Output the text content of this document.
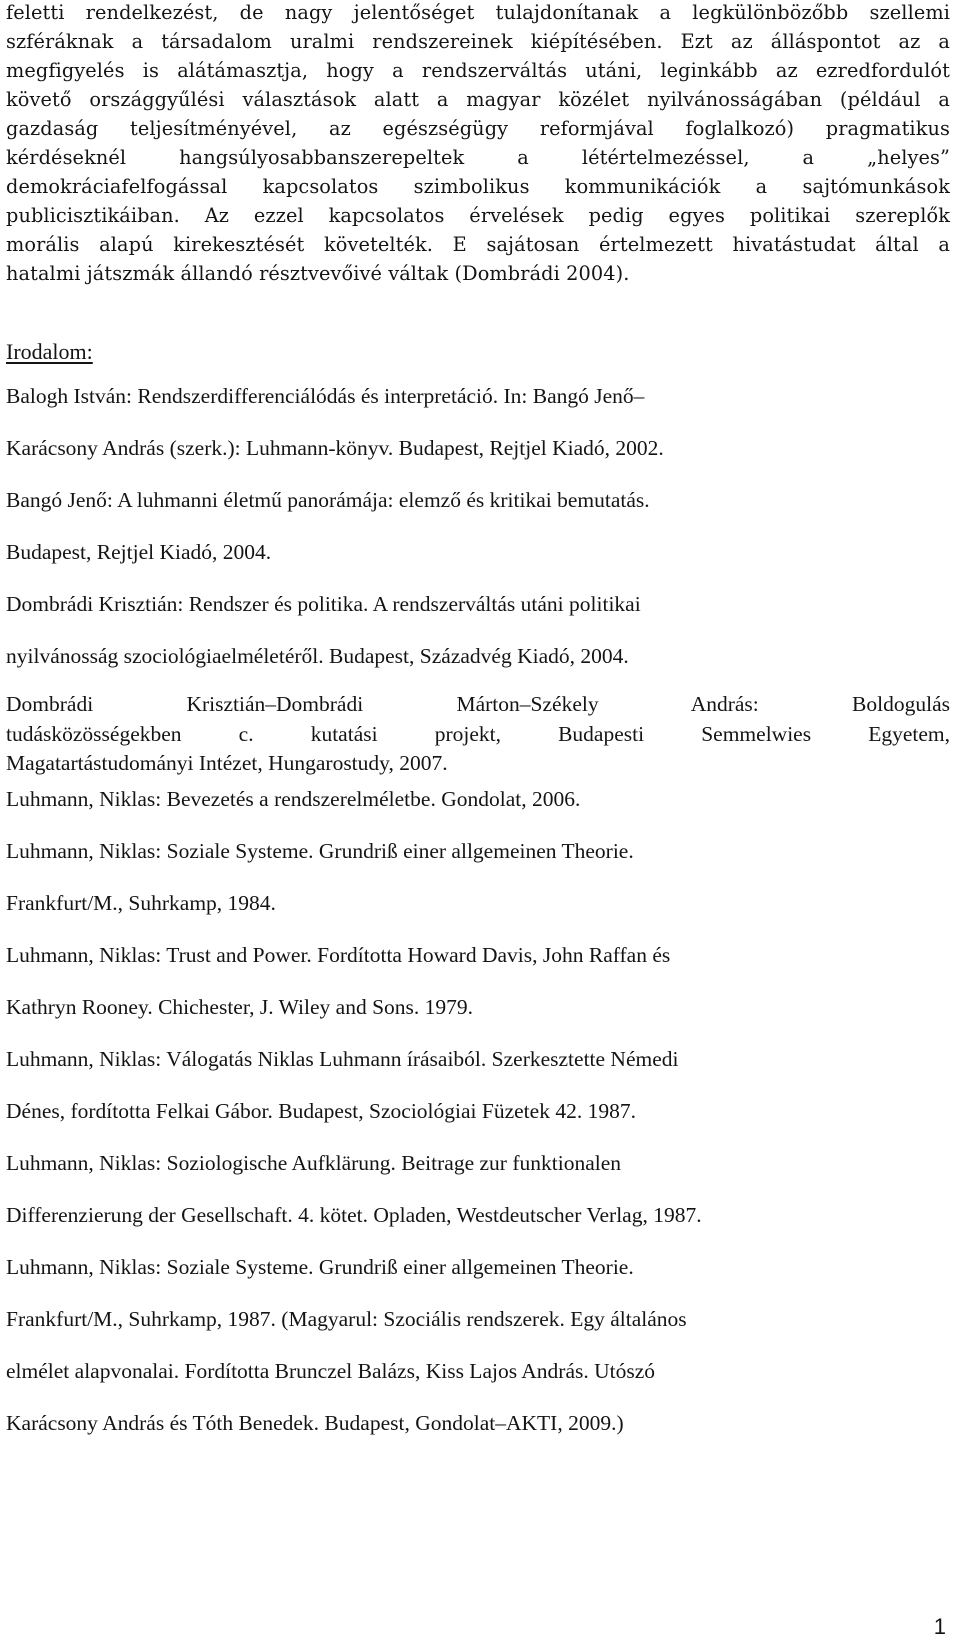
feletti rendelkezést, de nagy jelentőséget tulajdonítanak a legkülönbözőbb szellemi
szféráknak a társadalom uralmi rendszereinek kiépítésében. Ezt az álláspontot az a
megfigyelés is alátámasztja, hogy a rendszerváltás utáni, leginkább az ezredfordulót
követő országgyűlési választások alatt a magyar közélet nyilvánosságában (például a
gazdaság teljesítményével, az egészségügy reformjával foglalkozó) pragmatikus
kérdéseknél hangsúlyosabbanszerepeltek a létértelmezéssel, a „helyes”
demokráciafelfogással kapcsolatos szimbolikus kommunikációk a sajtómunkások
publicisztikáiban. Az ezzel kapcsolatos érvelések pedig egyes politikai szereplők
morális alapú kirekesztését követelték. E sajátosan értelmezett hivatástudat által a
hatalmi játszmák állandó résztvevőivé váltak (Dombrádi 2004).
Irodalom:
Balogh István: Rendszerdifferenciálódás és interpretáció. In: Bangó Jenő–
Karácsony András (szerk.): Luhmann-könyv. Budapest, Rejtjel Kiadó, 2002.
Bangó Jenő: A luhmanni életmű panorámája: elemző és kritikai bemutatás.
Budapest, Rejtjel Kiadó, 2004.
Dombrádi Krisztián: Rendszer és politika. A rendszerváltás utáni politikai
nyilvánosság szociológiaelméletéről. Budapest, Századvég Kiadó, 2004.
Dombrádi Krisztián–Dombrádi Márton–Székely András: Boldogulás
tudásközösségekben c. kutatási projekt, Budapesti Semmelwies Egyetem,
Magatartástudományi Intézet, Hungarostudy, 2007.
Luhmann, Niklas: Bevezetés a rendszerelméletbe. Gondolat, 2006.
Luhmann, Niklas: Soziale Systeme. Grundriß einer allgemeinen Theorie.
Frankfurt/M., Suhrkamp, 1984.
Luhmann, Niklas: Trust and Power. Fordította Howard Davis, John Raffan és
Kathryn Rooney. Chichester, J. Wiley and Sons. 1979.
Luhmann, Niklas: Válogatás Niklas Luhmann írásaiból. Szerkesztette Némedi
Dénes, fordította Felkai Gábor. Budapest, Szociológiai Füzetek 42. 1987.
Luhmann, Niklas: Soziologische Aufklärung. Beitrage zur funktionalen
Differenzierung der Gesellschaft. 4. kötet. Opladen, Westdeutscher Verlag, 1987.
Luhmann, Niklas: Soziale Systeme. Grundriß einer allgemeinen Theorie.
Frankfurt/M., Suhrkamp, 1987. (Magyarul: Szociális rendszerek. Egy általános
elmélet alapvonalai. Fordította Brunczel Balázs, Kiss Lajos András. Utószó
Karácsony András és Tóth Benedek. Budapest, Gondolat–AKTI, 2009.)
1
